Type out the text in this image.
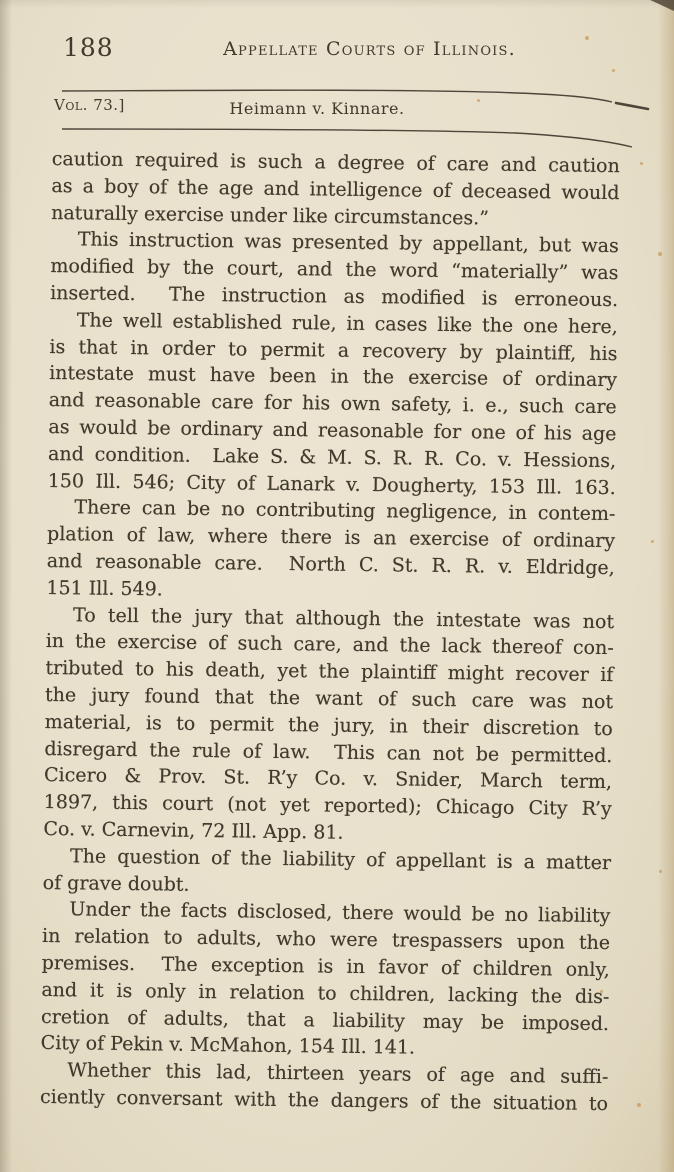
188	Appellate Courts of Illinois.
Vol. 73.]	Heimann v. Kinnare.
caution required is such a degree of care and caution
as a boy of the age and intelligence of deceased would
naturally exercise under like circumstances.”
This instruction was presented by appellant, but was
modified by the court, and the word “materially” was
inserted.  The instruction as modified is erroneous.
The well established rule, in cases like the one here,
is that in order to permit a recovery by plaintiff, his
intestate must have been in the exercise of ordinary
and reasonable care for his own safety, i. e., such care
as would be ordinary and reasonable for one of his age
and condition.  Lake S. & M. S. R. R. Co. v. Hessions,
150 Ill. 546; City of Lanark v. Dougherty, 153 Ill. 163.
There can be no contributing negligence, in contem-
plation of law, where there is an exercise of ordinary
and reasonable care.  North C. St. R. R. v. Eldridge,
151 Ill. 549.
To tell the jury that although the intestate was not
in the exercise of such care, and the lack thereof con-
tributed to his death, yet the plaintiff might recover if
the jury found that the want of such care was not
material, is to permit the jury, in their discretion to
disregard the rule of law.  This can not be permitted.
Cicero & Prov. St. R’y Co. v. Snider, March term,
1897, this court (not yet reported); Chicago City R’y
Co. v. Carnevin, 72 Ill. App. 81.
The question of the liability of appellant is a matter
of grave doubt.
Under the facts disclosed, there would be no liability
in relation to adults, who were trespassers upon the
premises.  The exception is in favor of children only,
and it is only in relation to children, lacking the dis-
cretion of adults, that a liability may be imposed.
City of Pekin v. McMahon, 154 Ill. 141.
Whether this lad, thirteen years of age and suffi-
ciently conversant with the dangers of the situation to
